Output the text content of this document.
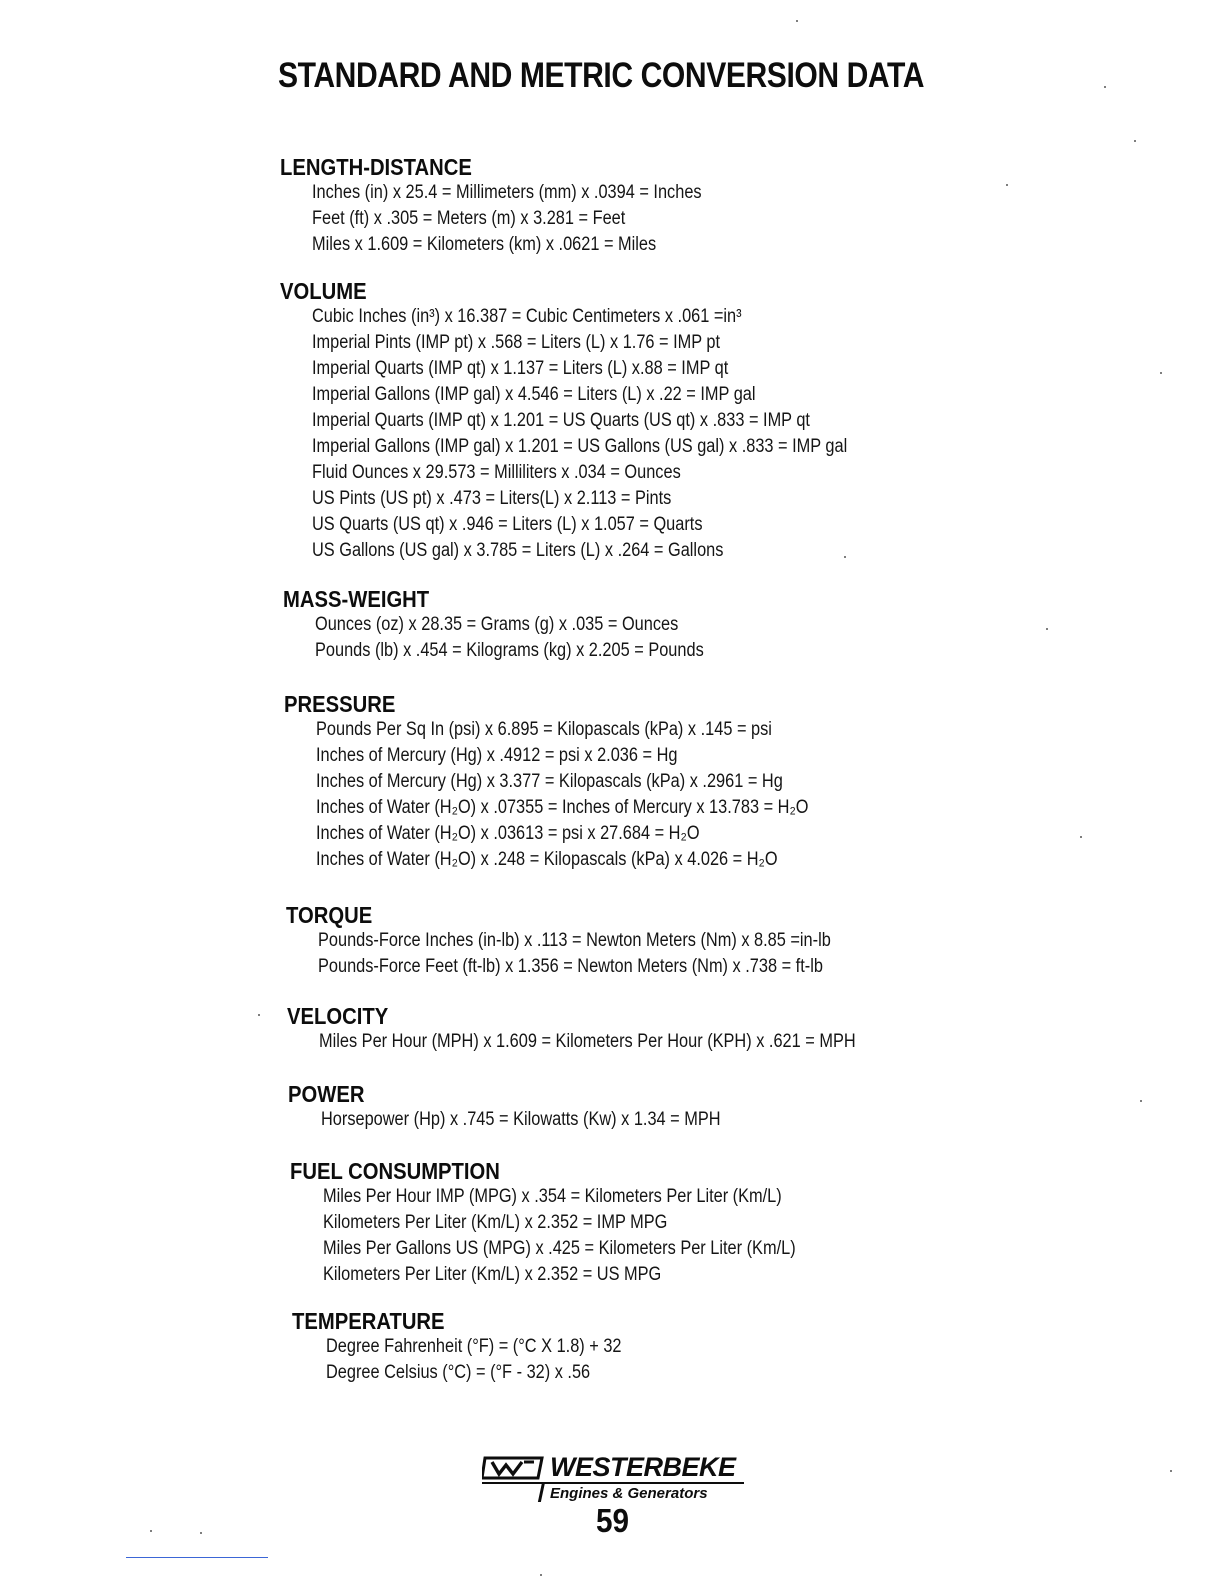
STANDARD AND METRIC CONVERSION DATA
LENGTH-DISTANCE
Inches (in) x 25.4 = Millimeters (mm) x .0394 = Inches
Feet (ft) x .305 = Meters (m) x 3.281 = Feet
Miles x 1.609 = Kilometers (km) x .0621 = Miles
VOLUME
Cubic Inches (in³) x 16.387 = Cubic Centimeters x .061 =in³
Imperial Pints (IMP pt) x .568 = Liters (L) x 1.76 = IMP pt
Imperial Quarts (IMP qt) x 1.137 = Liters (L) x.88 = IMP qt
Imperial Gallons (IMP gal) x 4.546 = Liters (L) x .22 = IMP gal
Imperial Quarts (IMP qt) x 1.201 = US Quarts (US qt) x .833 = IMP qt
Imperial Gallons (IMP gal) x 1.201 = US Gallons (US gal) x .833 = IMP gal
Fluid Ounces x 29.573 = Milliliters x .034 = Ounces
US Pints (US pt) x .473 = Liters(L) x 2.113 = Pints
US Quarts (US qt) x .946 = Liters (L) x 1.057 = Quarts
US Gallons (US gal) x 3.785 = Liters (L) x .264 = Gallons
MASS-WEIGHT
Ounces (oz) x 28.35 = Grams (g) x .035 = Ounces
Pounds (lb) x .454 = Kilograms (kg) x 2.205 = Pounds
PRESSURE
Pounds Per Sq In (psi) x 6.895 = Kilopascals (kPa) x .145 = psi
Inches of Mercury (Hg) x .4912 = psi x 2.036 = Hg
Inches of Mercury (Hg) x 3.377 = Kilopascals (kPa) x .2961 = Hg
Inches of Water (H₂O) x .07355 = Inches of Mercury x 13.783 = H₂O
Inches of Water (H₂O) x .03613 = psi x 27.684 = H₂O
Inches of Water (H₂O) x .248 = Kilopascals (kPa) x 4.026 = H₂O
TORQUE
Pounds-Force Inches (in-lb) x .113 = Newton Meters (Nm) x 8.85 =in-lb
Pounds-Force Feet (ft-lb) x 1.356 = Newton Meters (Nm) x .738 = ft-lb
VELOCITY
Miles Per Hour (MPH) x 1.609 = Kilometers Per Hour (KPH) x .621 = MPH
POWER
Horsepower (Hp) x .745 = Kilowatts (Kw) x 1.34 = MPH
FUEL CONSUMPTION
Miles Per Hour IMP (MPG) x .354 = Kilometers Per Liter (Km/L)
Kilometers Per Liter (Km/L) x 2.352 = IMP MPG
Miles Per Gallons US (MPG) x .425 = Kilometers Per Liter (Km/L)
Kilometers Per Liter (Km/L) x 2.352 = US MPG
TEMPERATURE
Degree Fahrenheit (°F) = (°C X 1.8) + 32
Degree Celsius (°C) = (°F - 32) x .56
WESTERBEKE
Engines & Generators
59
